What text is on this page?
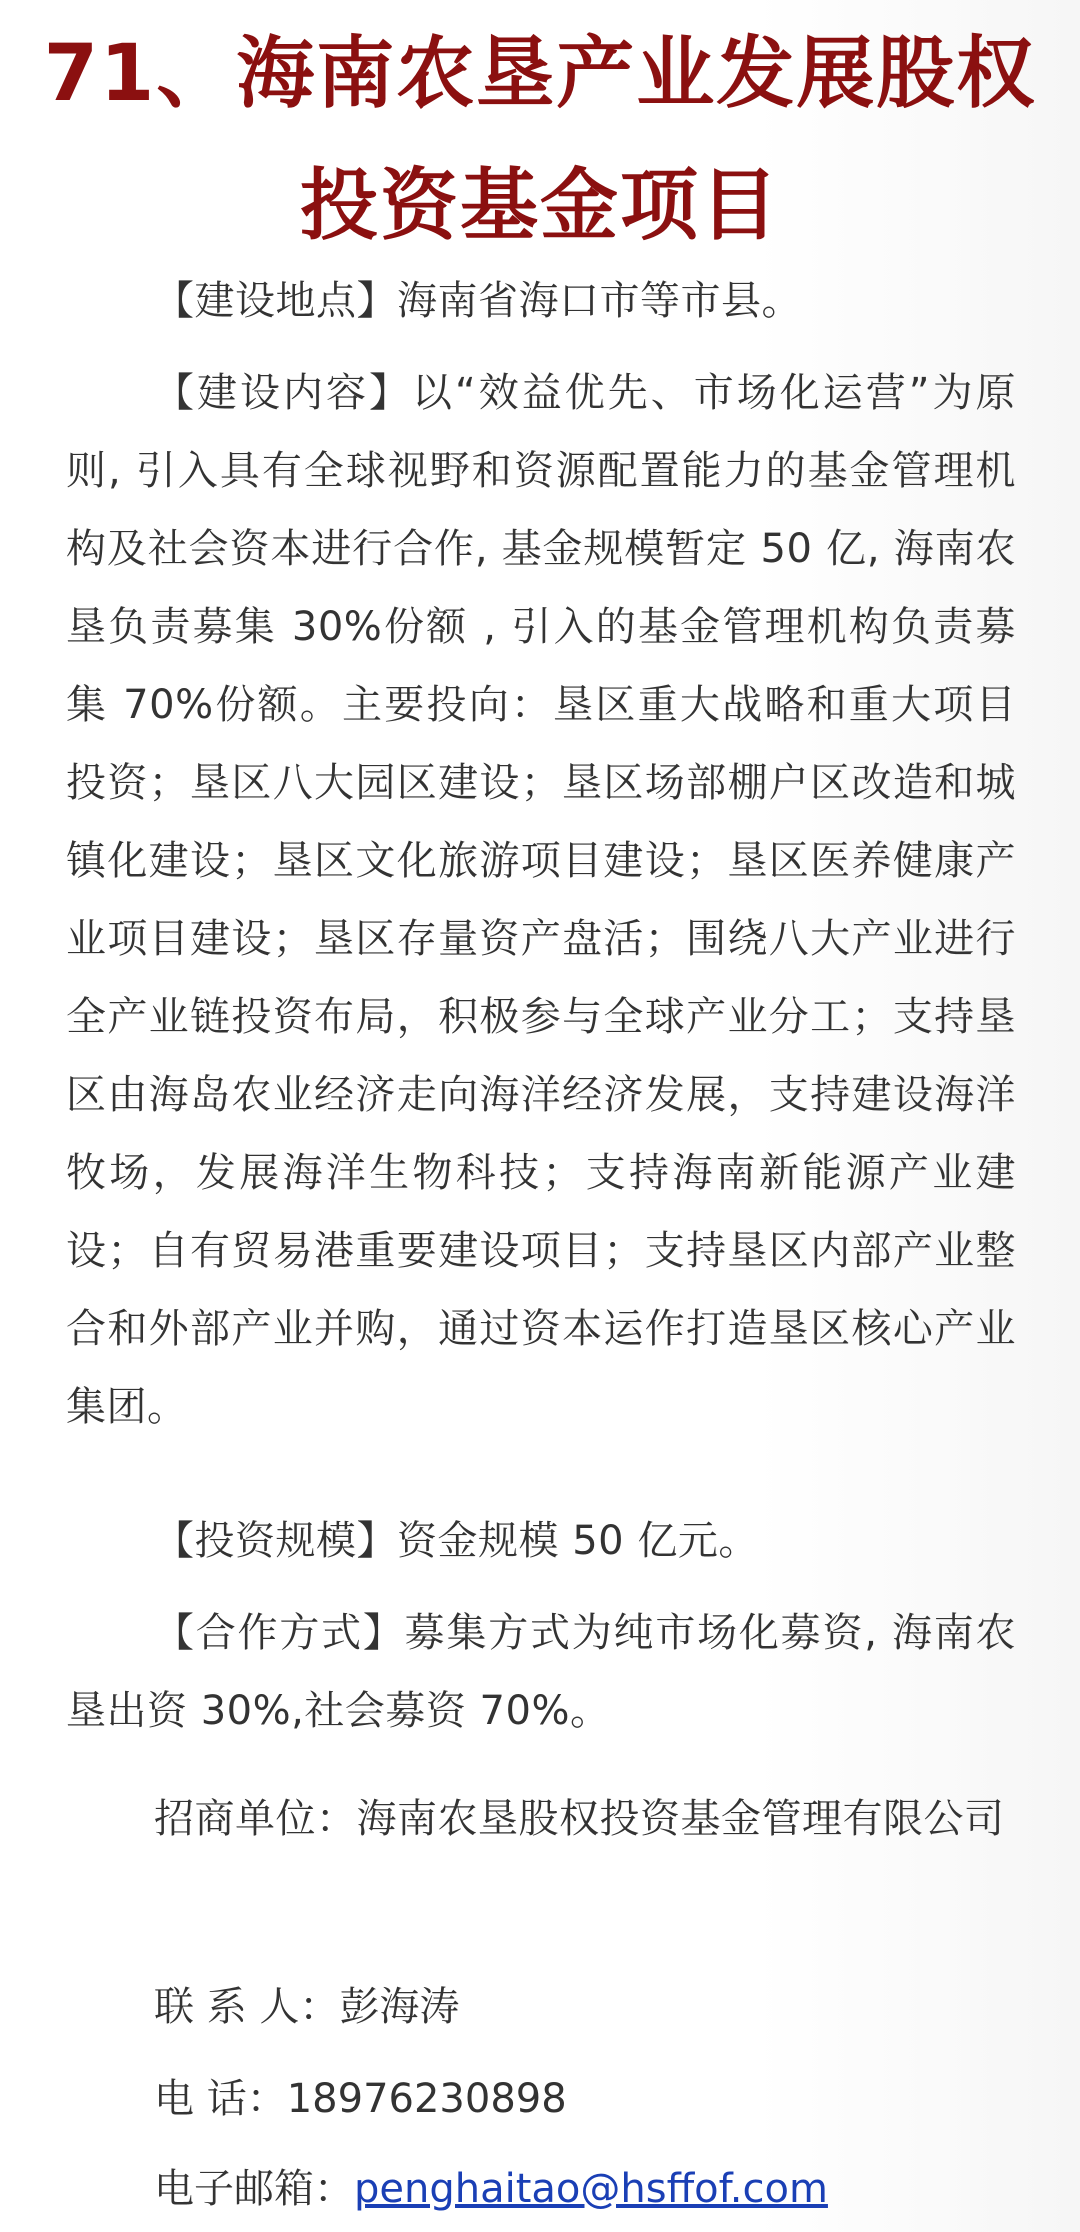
71、海南农垦产业发展股权
投资基金项目
【建设地点】海南省海口市等市县。
【建设内容】以“效益优先、市场化运营”为原则, 引入具有全球视野和资源配置能力的基金管理机构及社会资本进行合作, 基金规模暂定 50 亿, 海南农垦负责募集 30%份额 , 引入的基金管理机构负责募集 70%份额。主要投向：垦区重大战略和重大项目投资；垦区八大园区建设；垦区场部棚户区改造和城镇化建设；垦区文化旅游项目建设；垦区医养健康产业项目建设；垦区存量资产盘活；围绕八大产业进行全产业链投资布局，积极参与全球产业分工；支持垦区由海岛农业经济走向海洋经济发展，支持建设海洋牧场，发展海洋生物科技；支持海南新能源产业建设；自有贸易港重要建设项目；支持垦区内部产业整合和外部产业并购，通过资本运作打造垦区核心产业集团。
【投资规模】资金规模 50 亿元。
【合作方式】募集方式为纯市场化募资, 海南农垦出资 30%,社会募资 70%。
招商单位：海南农垦股权投资基金管理有限公司
联 系 人：彭海涛
电 话：18976230898
电子邮箱：penghaitao@hsffof.com
